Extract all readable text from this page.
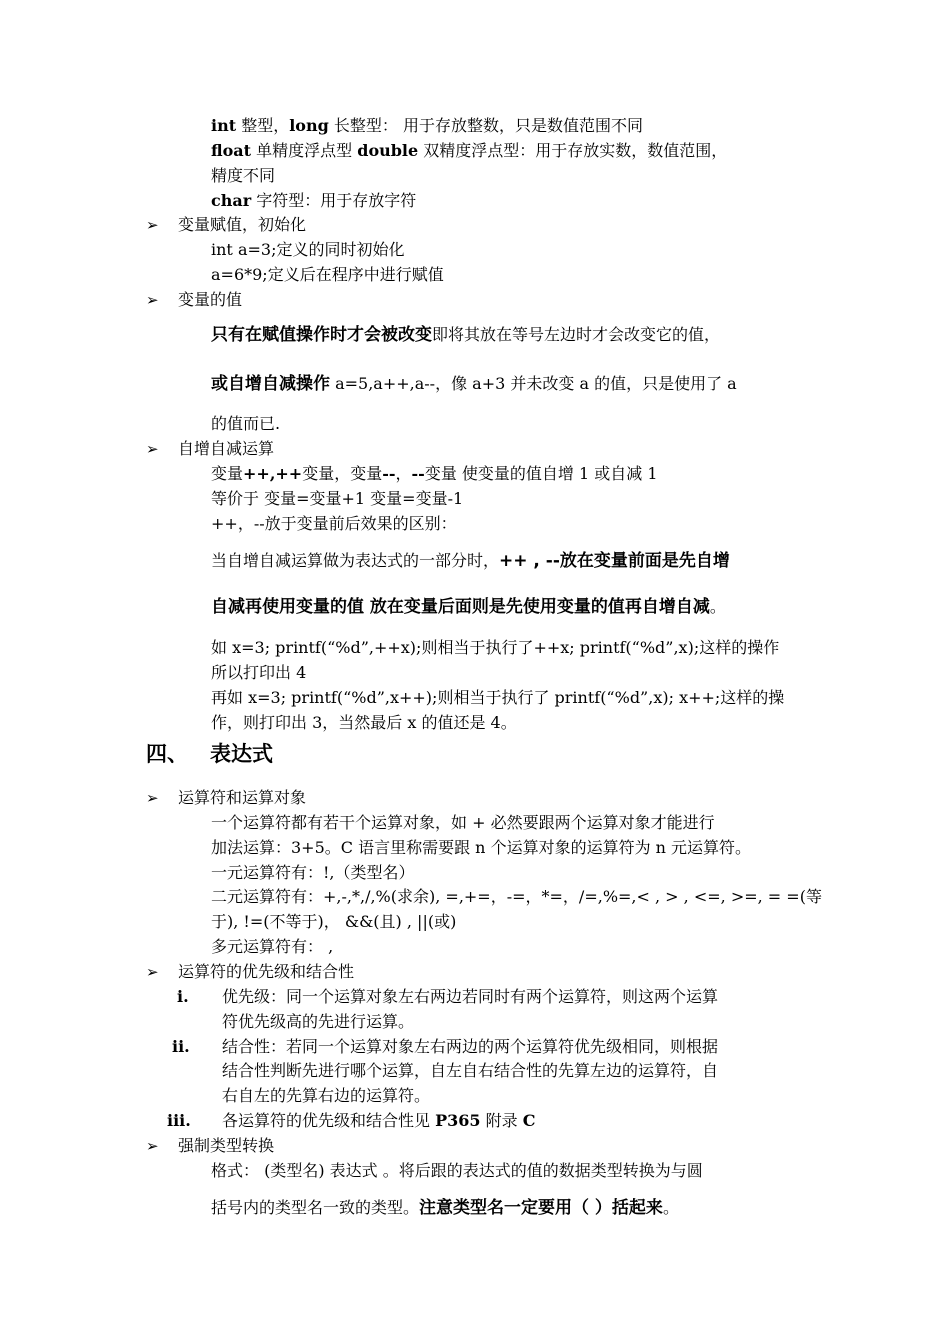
int 整型，long 长整型： 用于存放整数，只是数值范围不同
float 单精度浮点型 double 双精度浮点型：用于存放实数，数值范围，
精度不同
char 字符型：用于存放字符
➢ 变量赋值，初始化
int a=3;定义的同时初始化
a=6*9;定义后在程序中进行赋值
➢ 变量的值
只有在赋值操作时才会被改变即将其放在等号左边时才会改变它的值，
或自增自减操作 a=5,a++,a--，像 a+3 并未改变 a 的值，只是使用了 a
的值而已.
➢ 自增自减运算
变量++,++变量，变量--，--变量 使变量的值自增 1 或自减 1
等价于 变量=变量+1 变量=变量-1
++，--放于变量前后效果的区别：
当自增自减运算做为表达式的一部分时，++ , --放在变量前面是先自增
自减再使用变量的值 放在变量后面则是先使用变量的值再自增自减。
如 x=3; printf(“%d”,++x);则相当于执行了++x; printf(“%d”,x);这样的操作
所以打印出 4
再如 x=3; printf(“%d”,x++);则相当于执行了 printf(“%d”,x); x++;这样的操
作，则打印出 3，当然最后 x 的值还是 4。
四、 表达式
➢ 运算符和运算对象
一个运算符都有若干个运算对象，如 + 必然要跟两个运算对象才能进行
加法运算：3+5。C 语言里称需要跟 n 个运算对象的运算符为 n 元运算符。
一元运算符有：!,（类型名）
二元运算符有：+,-,*,/,%(求余), =,+=，-=，*=，/=,%=,< , > , <=, >=, = =(等
于), !=(不等于)， &&(且) , ||(或)
多元运算符有： ,
➢ 运算符的优先级和结合性
i. 优先级：同一个运算对象左右两边若同时有两个运算符，则这两个运算
符优先级高的先进行运算。
ii. 结合性：若同一个运算对象左右两边的两个运算符优先级相同，则根据
结合性判断先进行哪个运算，自左自右结合性的先算左边的运算符，自
右自左的先算右边的运算符。
iii. 各运算符的优先级和结合性见 P365 附录 C
➢ 强制类型转换
格式： (类型名) 表达式 。将后跟的表达式的值的数据类型转换为与圆
括号内的类型名一致的类型。注意类型名一定要用（ ）括起来。
